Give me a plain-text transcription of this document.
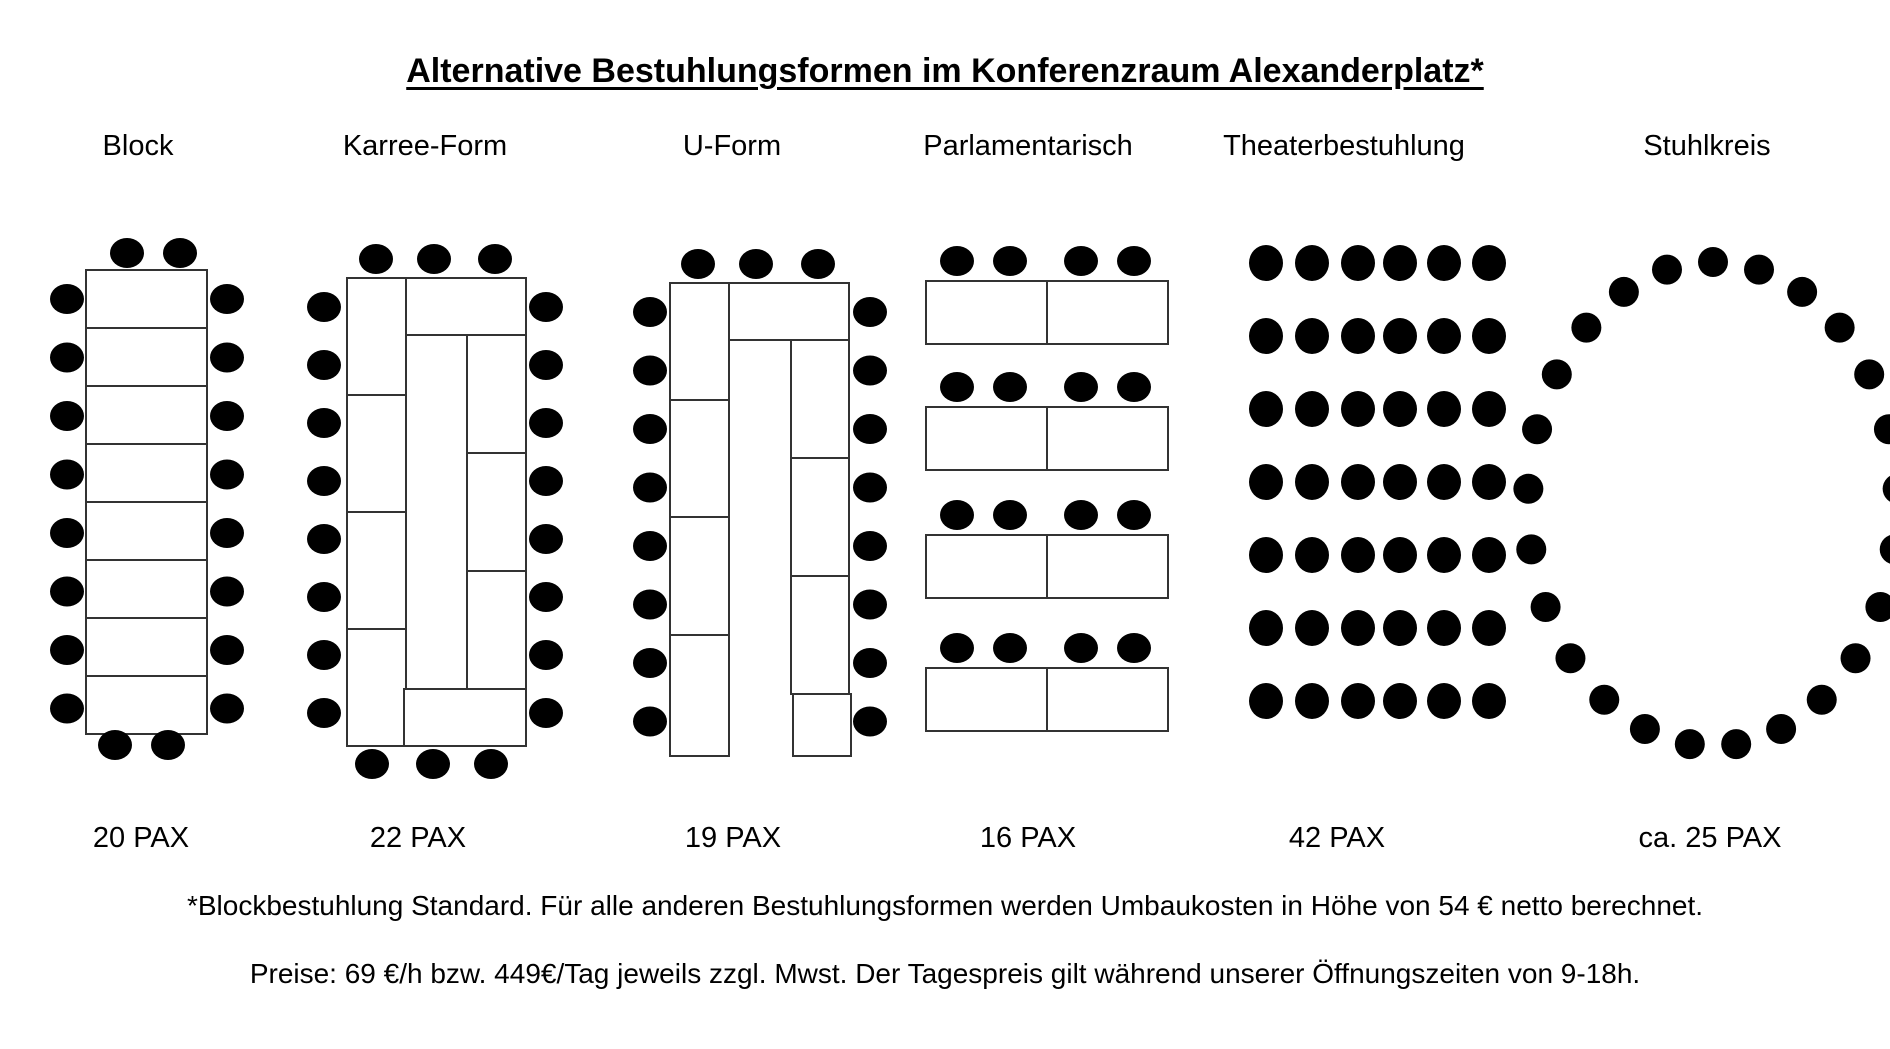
Alternative Bestuhlungsformen im Konferenzraum Alexanderplatz*
Block	Karree-Form	U-Form	Parlamentarisch	Theaterbestuhlung	Stuhlkreis
20 PAX	22 PAX	19 PAX	16 PAX	42 PAX	ca. 25 PAX
*Blockbestuhlung Standard. Für alle anderen Bestuhlungsformen werden Umbaukosten in Höhe von 54 € netto berechnet.
Preise: 69 €/h bzw. 449€/Tag jeweils zzgl. Mwst. Der Tagespreis gilt während unserer Öffnungszeiten von 9-18h.
